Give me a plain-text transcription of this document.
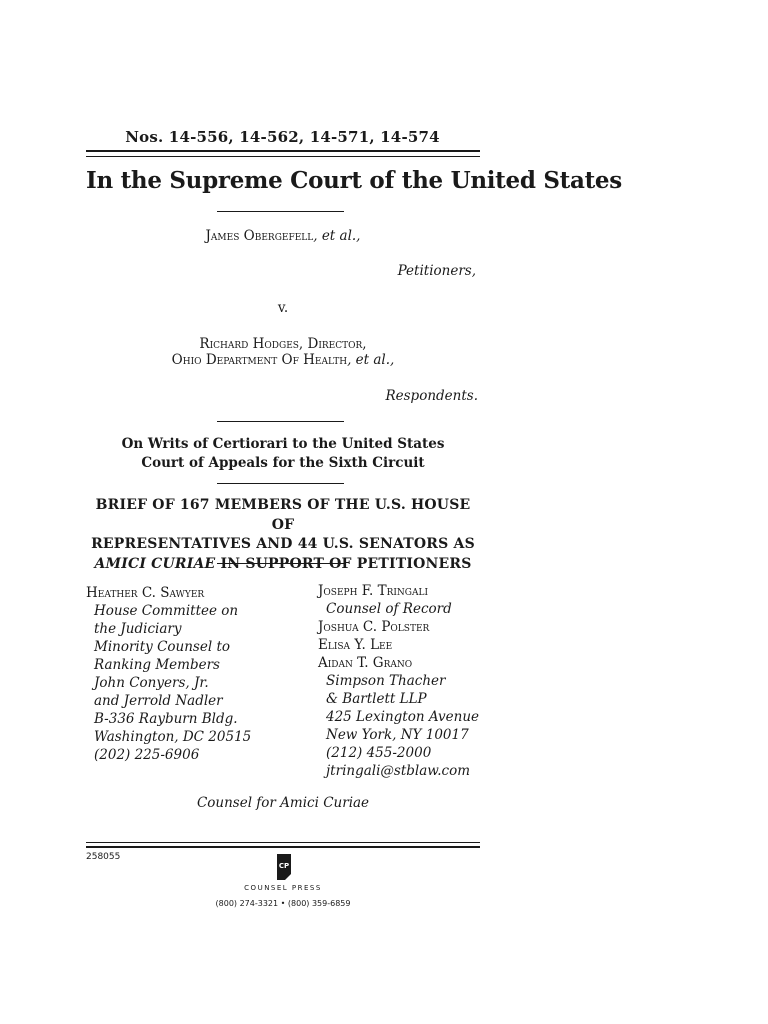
Nos. 14-556, 14-562, 14-571, 14-574
In the Supreme Court of the United States
James Obergefell, et al.,
Petitioners,
v.
Richard Hodges, Director,
Ohio Department Of Health, et al.,
Respondents.
On Writs of Certiorari to the United States
Court of Appeals for the Sixth Circuit
BRIEF OF 167 MEMBERS OF THE U.S. HOUSE OF
REPRESENTATIVES AND 44 U.S. SENATORS AS
AMICI CURIAE IN SUPPORT OF PETITIONERS
Heather C. Sawyer
House Committee on
the Judiciary
Minority Counsel to
Ranking Members
John Conyers, Jr.
and Jerrold Nadler
B-336 Rayburn Bldg.
Washington, DC 20515
(202) 225-6906
Joseph F. Tringali
Counsel of Record
Joshua C. Polster
Elisa Y. Lee
Aidan T. Grano
Simpson Thacher
& Bartlett LLP
425 Lexington Avenue
New York, NY 10017
(212) 455-2000
jtringali@stblaw.com
Counsel for Amici Curiae
258055
CP
COUNSEL PRESS
(800) 274-3321 • (800) 359-6859
